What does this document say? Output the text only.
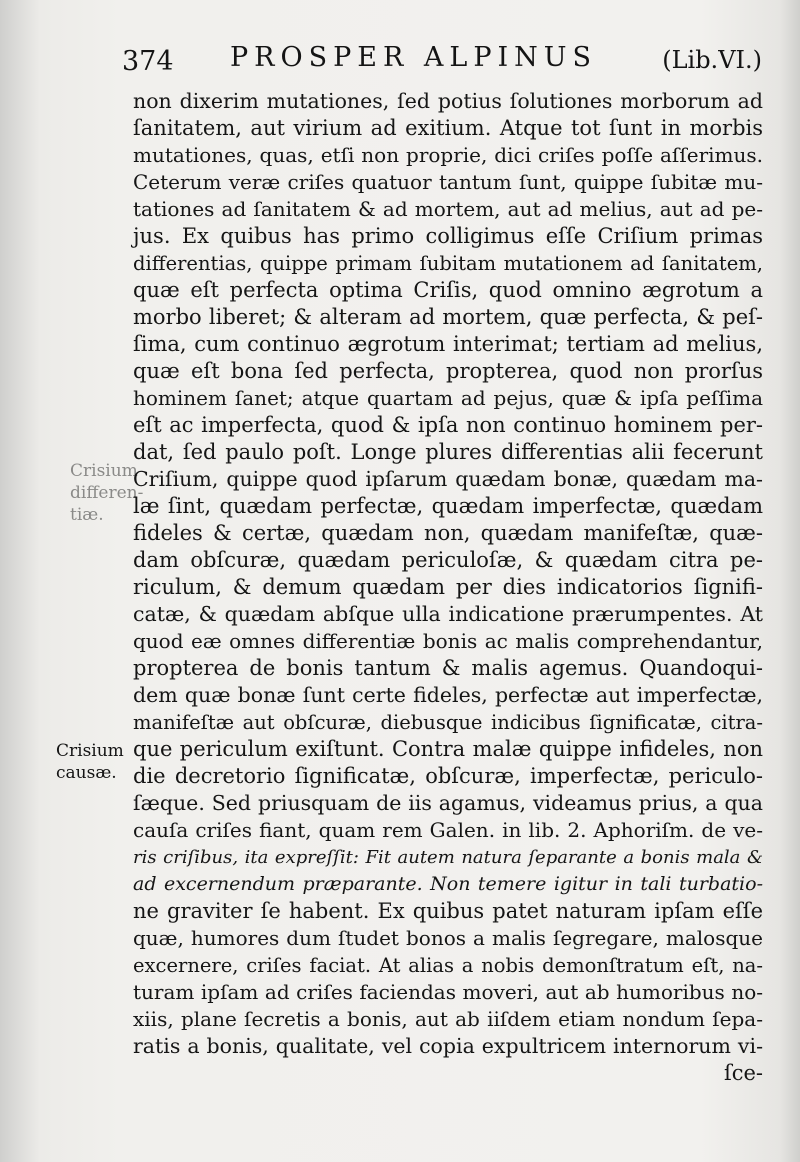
374 PROSPER ALPINUS	(Lib.VI.)
Crisium
differen-
tiæ.
Crisium
causæ.
non dixerim mutationes, ſed potius ſolutiones morborum ad
ſanitatem, aut virium ad exitium. Atque tot ſunt in morbis
mutationes, quas, etſi non proprie, dici criſes poſſe aſſerimus.
Ceterum veræ criſes quatuor tantum ſunt, quippe ſubitæ mu-
tationes ad ſanitatem & ad mortem, aut ad melius, aut ad pe-
jus. Ex quibus has primo colligimus eſſe Criſium primas
differentias, quippe primam ſubitam mutationem ad ſanitatem,
quæ eſt perfecta optima Criſis, quod omnino ægrotum a
morbo liberet; & alteram ad mortem, quæ perfecta, & peſ-
ſima, cum continuo ægrotum interimat; tertiam ad melius,
quæ eſt bona ſed perfecta, propterea, quod non prorſus
hominem ſanet; atque quartam ad pejus, quæ & ipſa peſſima
eſt ac imperfecta, quod & ipſa non continuo hominem per-
dat, ſed paulo poſt. Longe plures differentias alii fecerunt
Criſium, quippe quod ipſarum quædam bonæ, quædam ma-
læ ſint, quædam perfectæ, quædam imperfectæ, quædam
fideles & certæ, quædam non, quædam manifeſtæ, quæ-
dam obſcuræ, quædam periculoſæ, & quædam citra pe-
riculum, & demum quædam per dies indicatorios ſignifi-
catæ, & quædam abſque ulla indicatione prærumpentes. At
quod eæ omnes differentiæ bonis ac malis comprehendantur,
propterea de bonis tantum & malis agemus. Quandoqui-
dem quæ bonæ ſunt certe fideles, perfectæ aut imperfectæ,
manifeſtæ aut obſcuræ, diebusque indicibus ſignificatæ, citra-
que periculum exiſtunt. Contra malæ quippe infideles, non
die decretorio ſignificatæ, obſcuræ, imperfectæ, periculo-
ſæque. Sed priusquam de iis agamus, videamus prius, a qua
cauſa criſes fiant, quam rem Galen. in lib. 2. Aphoriſm. de ve-
ris criſibus, ita expreſſit: Fit autem natura ſeparante a bonis mala &
ad excernendum præparante. Non temere igitur in tali turbatio-
ne graviter ſe habent. Ex quibus patet naturam ipſam eſſe
quæ, humores dum ſtudet bonos a malis ſegregare, malosque
excernere, criſes faciat. At alias a nobis demonſtratum eſt, na-
turam ipſam ad criſes faciendas moveri, aut ab humoribus no-
xiis, plane ſecretis a bonis, aut ab iiſdem etiam nondum ſepa-
ratis a bonis, qualitate, vel copia expultricem internorum vi-
ſce-
